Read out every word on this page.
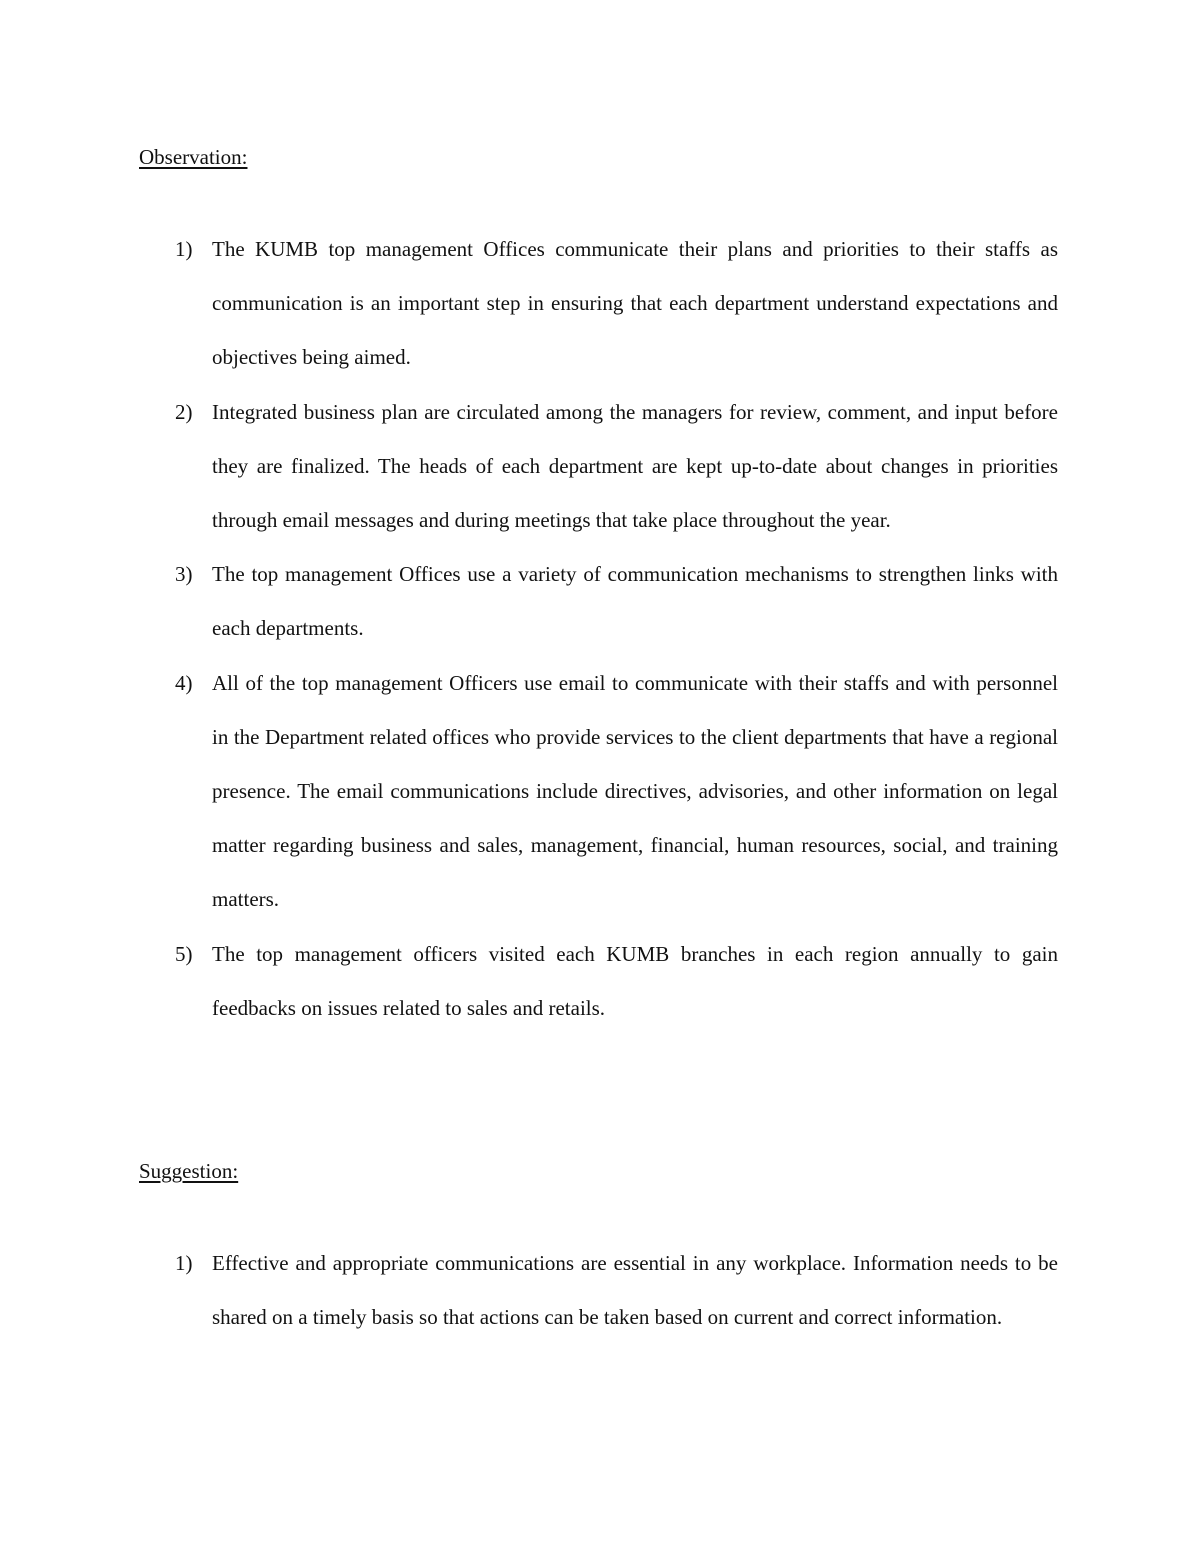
Observation:
1) The KUMB top management Offices communicate their plans and priorities to their staffs as communication is an important step in ensuring that each department understand expectations and objectives being aimed.
2) Integrated business plan are circulated among the managers for review, comment, and input before they are finalized. The heads of each department are kept up-to-date about changes in priorities through email messages and during meetings that take place throughout the year.
3) The top management Offices use a variety of communication mechanisms to strengthen links with each departments.
4) All of the top management Officers use email to communicate with their staffs and with personnel in the Department related offices who provide services to the client departments that have a regional presence. The email communications include directives, advisories, and other information on legal matter regarding business and sales, management, financial, human resources, social, and training matters.
5) The top management officers visited each KUMB branches in each region annually to gain feedbacks on issues related to sales and retails.
Suggestion:
1) Effective and appropriate communications are essential in any workplace. Information needs to be shared on a timely basis so that actions can be taken based on current and correct information.
